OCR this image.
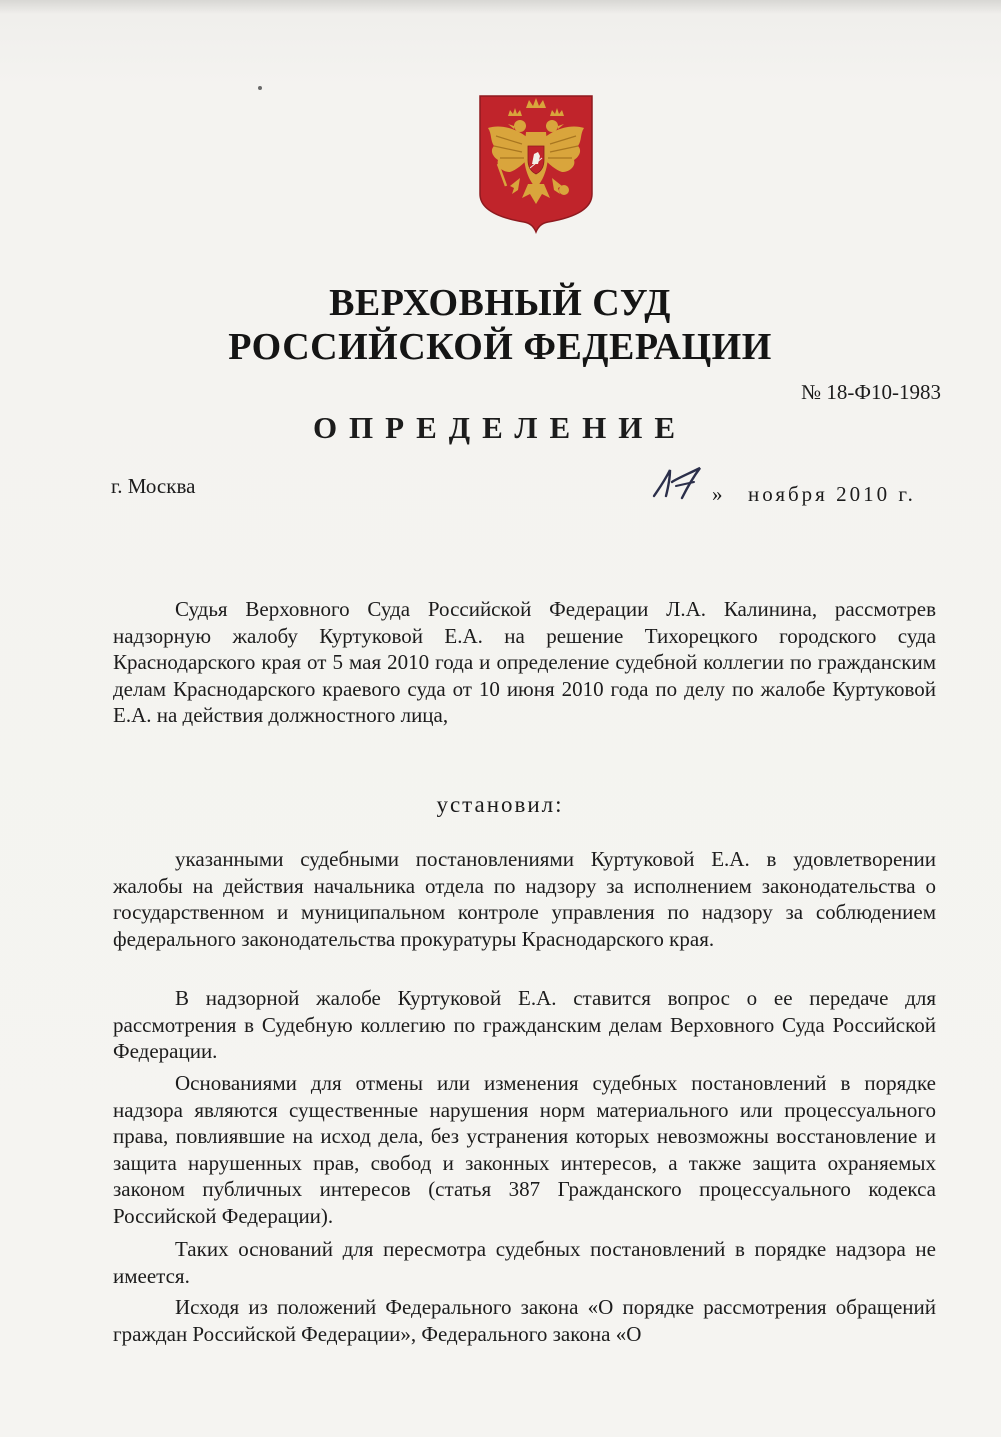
ВЕРХОВНЫЙ СУД
РОССИЙСКОЙ ФЕДЕРАЦИИ
№ 18-Ф10-1983
ОПРЕДЕЛЕНИЕ
г. Москва	» ноября 2010 г.

Судья Верховного Суда Российской Федерации Л.А. Калинина, рассмотрев надзорную жалобу Куртуковой Е.А. на решение Тихорецкого городского суда Краснодарского края от 5 мая 2010 года и определение судебной коллегии по гражданским делам Краснодарского краевого суда от 10 июня 2010 года по делу по жалобе Куртуковой Е.А. на действия должностного лица,

установил:

указанными судебными постановлениями Куртуковой Е.А. в удовлетворении жалобы на действия начальника отдела по надзору за исполнением законодательства о государственном и муниципальном контроле управления по надзору за соблюдением федерального законодательства прокуратуры Краснодарского края.

В надзорной жалобе Куртуковой Е.А. ставится вопрос о ее передаче для рассмотрения в Судебную коллегию по гражданским делам Верховного Суда Российской Федерации.

Основаниями для отмены или изменения судебных постановлений в порядке надзора являются существенные нарушения норм материального или процессуального права, повлиявшие на исход дела, без устранения которых невозможны восстановление и защита нарушенных прав, свобод и законных интересов, а также защита охраняемых законом публичных интересов (статья 387 Гражданского процессуального кодекса Российской Федерации).

Таких оснований для пересмотра судебных постановлений в порядке надзора не имеется.

Исходя из положений Федерального закона «О порядке рассмотрения обращений граждан Российской Федерации», Федерального закона «О
